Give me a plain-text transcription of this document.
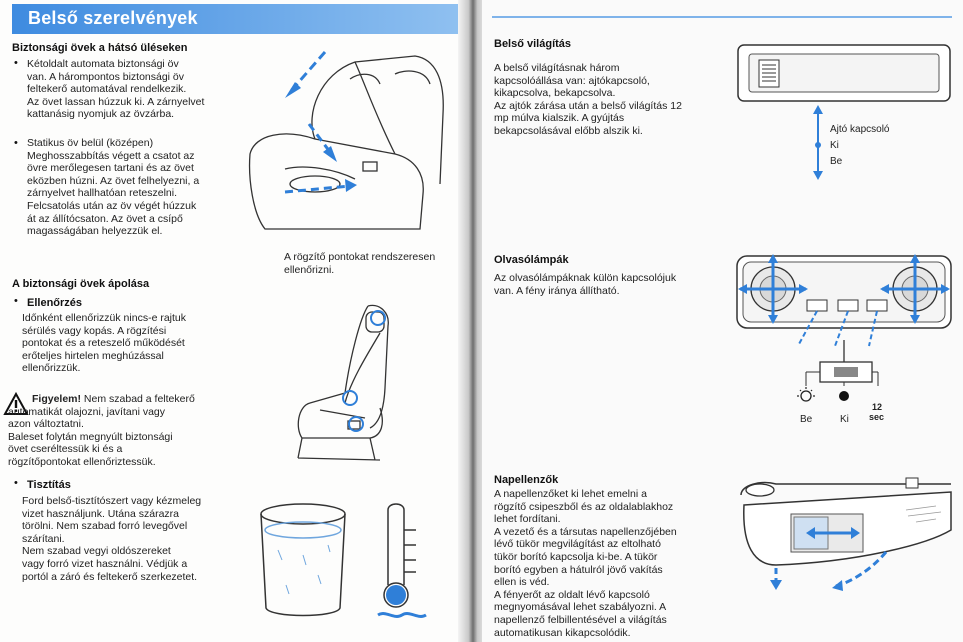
Belső szerelvények
Biztonsági övek a hátsó üléseken
• Kétoldalt automata biztonsági öv
van. A hárompontos biztonsági öv
feltekerő automatával rendelkezik.
Az övet lassan húzzuk ki. A zárnyelvet
kattanásig nyomjuk az övzárba.
• Statikus öv belül (középen)
Meghosszabbítás végett a csatot az
övre merőlegesen tartani és az övet
eközben húzni. Az övet felhelyezni, a
zárnyelvet hallhatóan reteszelni.
Felcsatolás után az öv végét húzzuk
át az állítócsaton. Az övet a csípő
magasságában helyezzük el.
A rögzítő pontokat rendszeresen
ellenőrizni.
A biztonsági övek ápolása
• Ellenőrzés
Időnként ellenőrizzük nincs-e rajtuk
sérülés vagy kopás. A rögzítési
pontokat és a reteszelő működését
erőteljes hirtelen meghúzással
ellenőrizzük.
Figyelem! Nem szabad a feltekerő
automatikát olajozni, javítani vagy
azon változtatni.
Baleset folytán megnyúlt biztonsági
övet cseréltessük ki és a
rögzítőpontokat ellenőriztessük.
• Tisztítás
Ford belső-tisztítószert vagy kézmeleg
vizet használjunk. Utána szárazra
törölni. Nem szabad forró levegővel
szárítani.
Nem szabad vegyi oldószereket
vagy forró vizet használni. Védjük a
portól a záró és feltekerő szerkezetet.
Belső világítás
A belső világításnak három
kapcsolóállása van: ajtókapcsoló,
kikapcsolva, bekapcsolva.
Az ajtók zárása után a belső világítás 12
mp múlva kialszik. A gyújtás
bekapcsolásával előbb alszik ki.	Ajtó kapcsoló
Ki
Be
Olvasólámpák
Az olvasólámpáknak külön kapcsolójuk
van. A fény iránya állítható.
Be	Ki
12
sec
Napellenzők
A napellenzőket ki lehet emelni a
rögzítő csipeszből és az oldalablakhoz
lehet fordítani.
A vezető és a társutas napellenzőjében
lévő tükör megvilágítást az eltolható
tükör borító kapcsolja ki-be. A tükör
borító egyben a hátulról jövő vakítás
ellen is véd.
A fényerőt az oldalt lévő kapcsoló
megnyomásával lehet szabályozni. A
napellenző felbillentésével a világítás
automatikusan kikapcsolódik.
